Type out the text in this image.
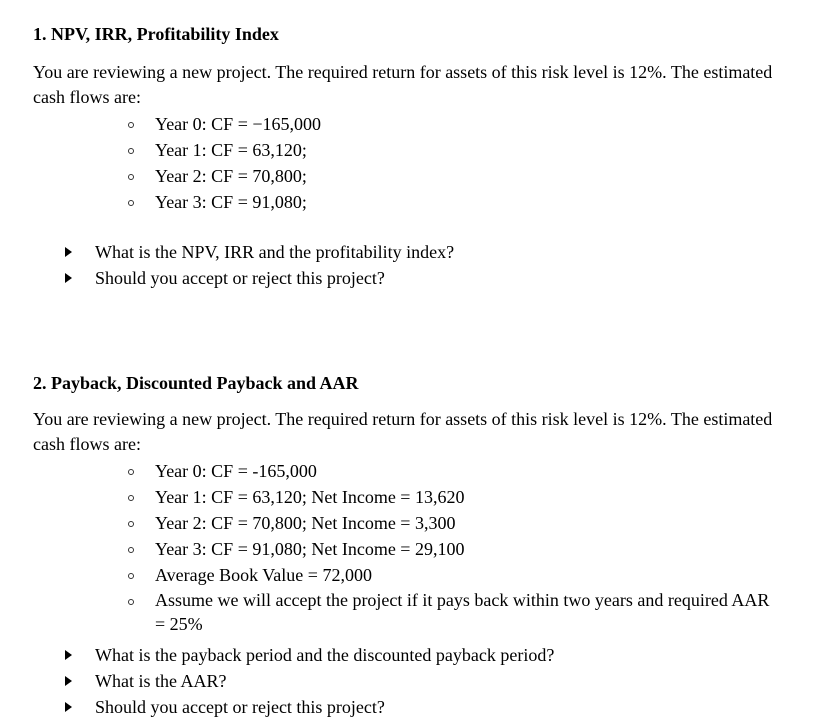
1. NPV, IRR, Profitability Index
You are reviewing a new project. The required return for assets of this risk level is 12%. The estimated cash flows are:
Year 0: CF = −165,000
Year 1: CF = 63,120;
Year 2: CF = 70,800;
Year 3: CF = 91,080;
What is the NPV, IRR and the profitability index?
Should you accept or reject this project?
2. Payback, Discounted Payback and AAR
You are reviewing a new project. The required return for assets of this risk level is 12%. The estimated cash flows are:
Year 0: CF = -165,000
Year 1: CF = 63,120; Net Income = 13,620
Year 2: CF = 70,800; Net Income = 3,300
Year 3: CF = 91,080; Net Income = 29,100
Average Book Value = 72,000
Assume we will accept the project if it pays back within two years and required AAR = 25%
What is the payback period and the discounted payback period?
What is the AAR?
Should you accept or reject this project?
